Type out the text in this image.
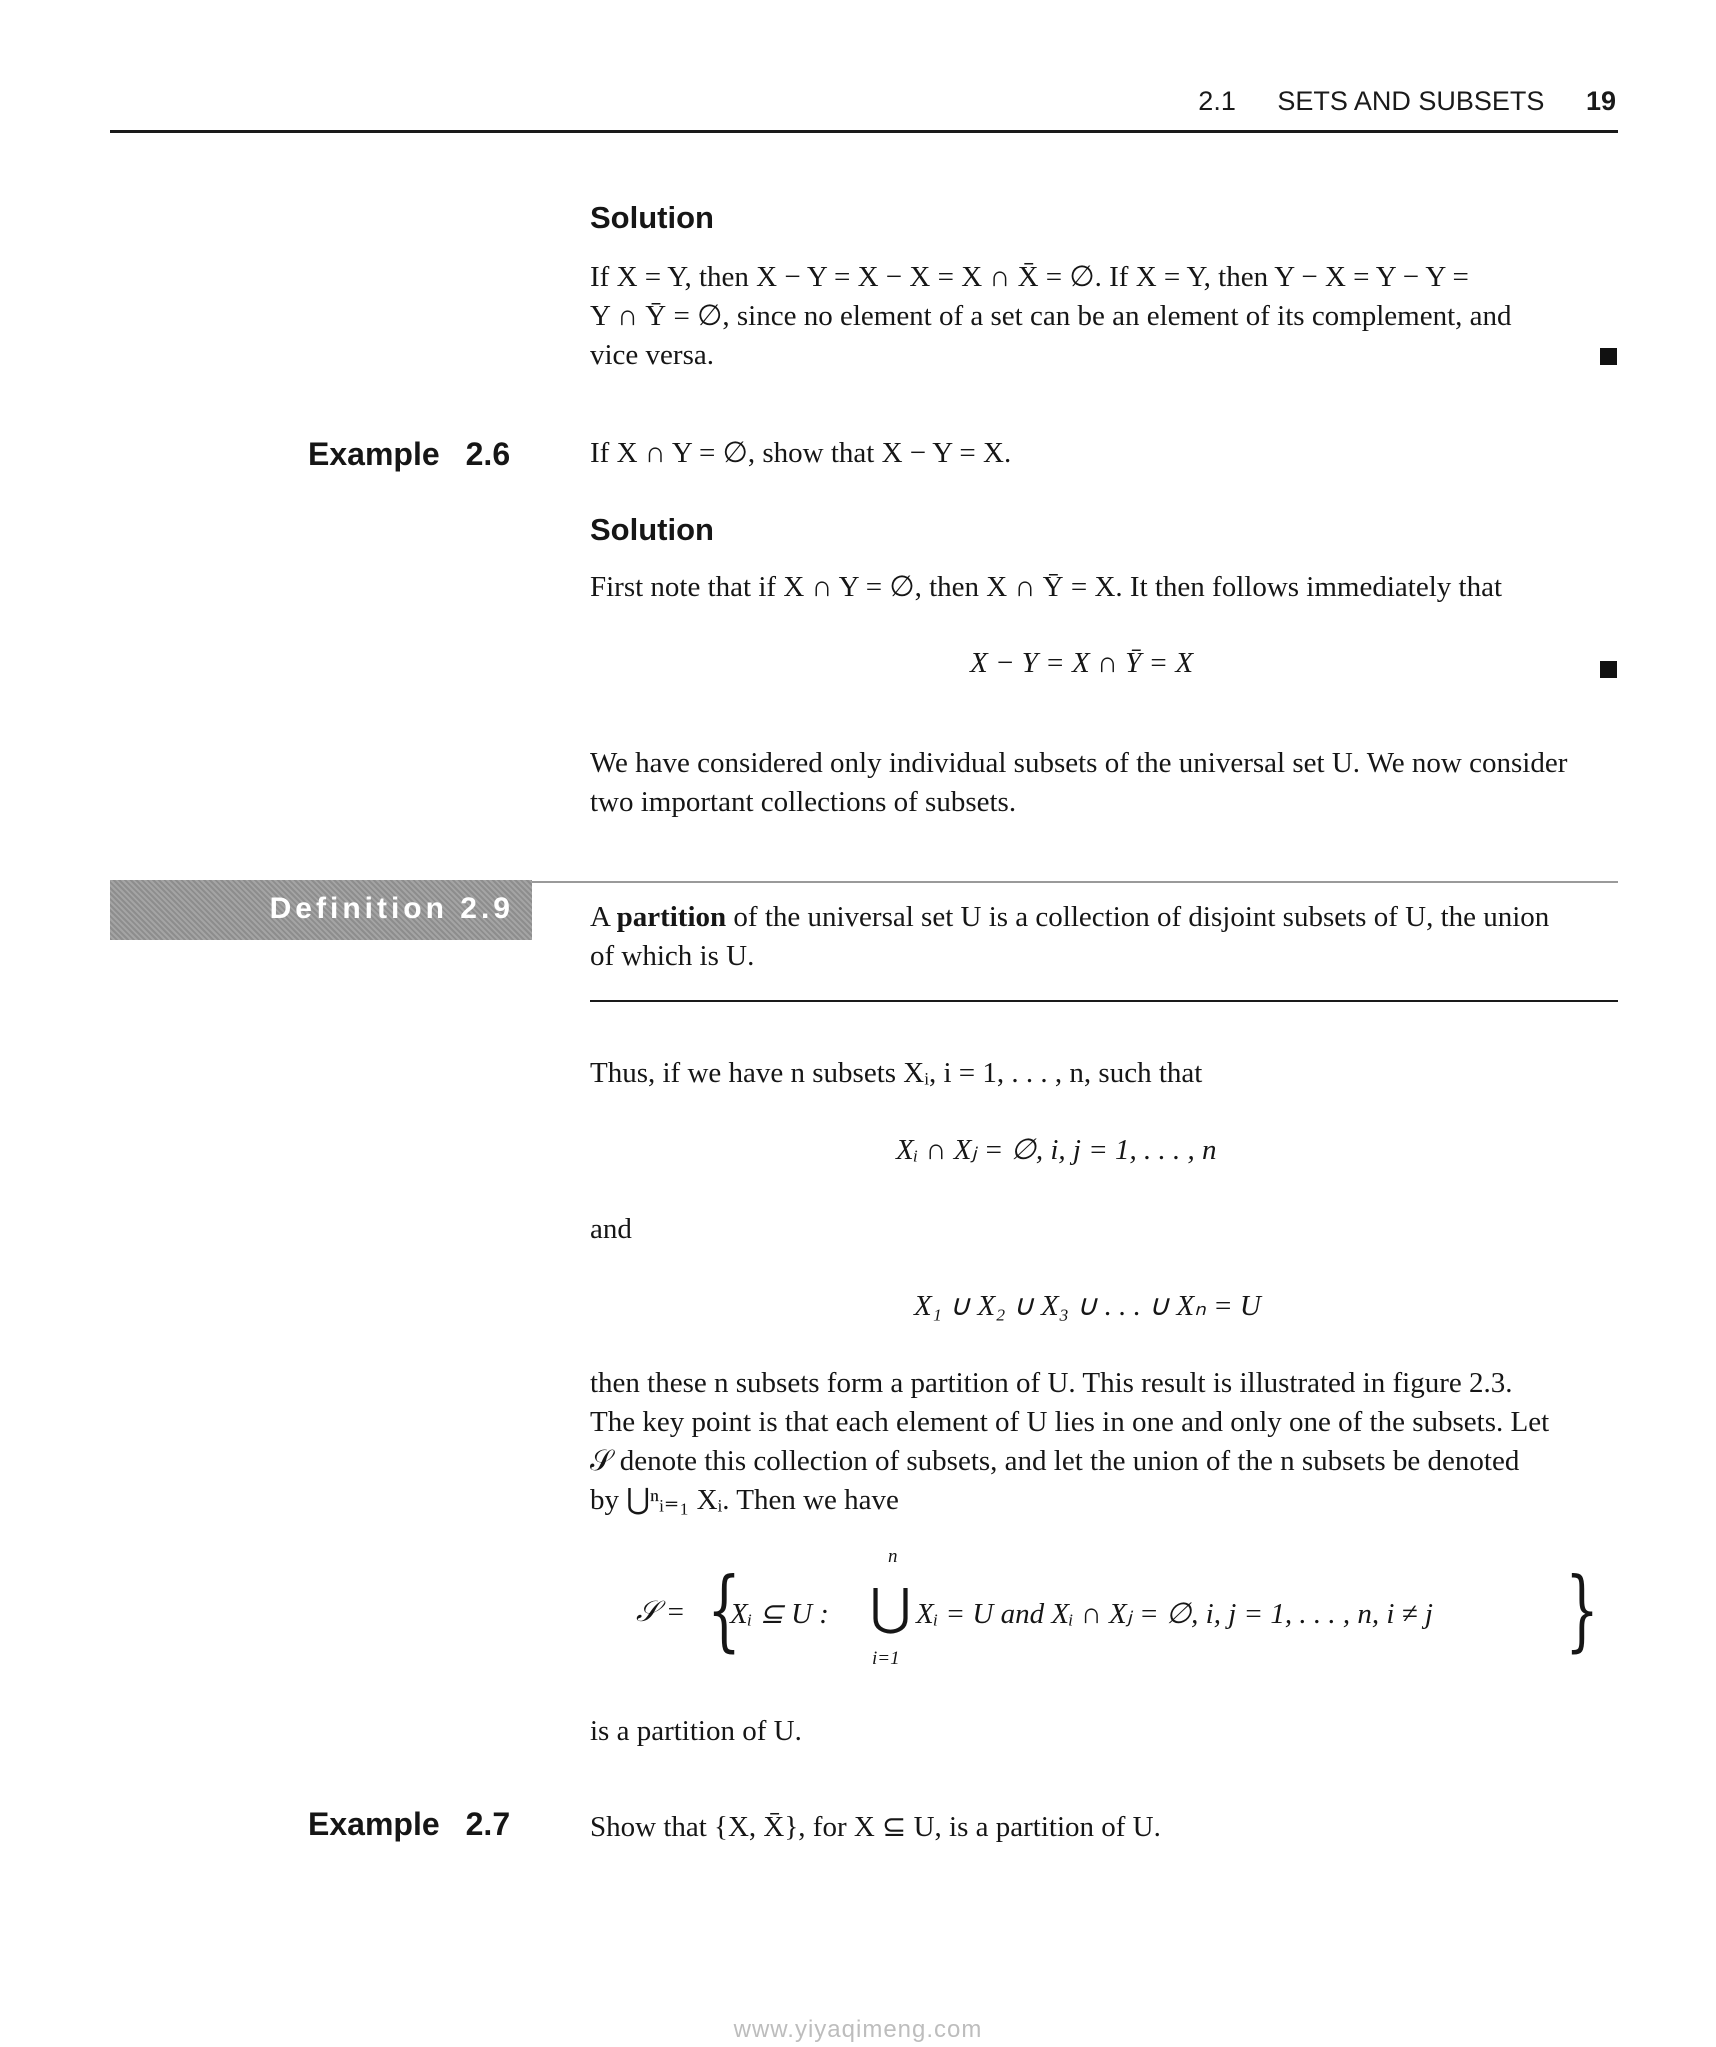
2.1 SETS AND SUBSETS 19
Solution
If X = Y, then X − Y = X − X = X ∩ X̄ = ∅. If X = Y, then Y − X = Y − Y =
Y ∩ Ȳ = ∅, since no element of a set can be an element of its complement, and
vice versa.
Example 2.6	If X ∩ Y = ∅, show that X − Y = X.
Solution
First note that if X ∩ Y = ∅, then X ∩ Ȳ = X. It then follows immediately that
X − Y = X ∩ Ȳ = X
We have considered only individual subsets of the universal set U. We now consider
two important collections of subsets.
Definition 2.9	A partition of the universal set U is a collection of disjoint subsets of U, the union
of which is U.
Thus, if we have n subsets Xᵢ, i = 1, . . . , n, such that
Xᵢ ∩ Xⱼ = ∅, i, j = 1, . . . , n
and
X₁ ∪ X₂ ∪ X₃ ∪ . . . ∪ Xₙ = U
then these n subsets form a partition of U. This result is illustrated in figure 2.3.
The key point is that each element of U lies in one and only one of the subsets. Let
𝒮 denote this collection of subsets, and let the union of the n subsets be denoted
by ⋃ⁿᵢ₌₁ Xᵢ. Then we have
𝒮 = {
Xᵢ ⊆ U :
n
⋃
i=1
Xᵢ = U and Xᵢ ∩ Xⱼ = ∅, i, j = 1, . . . , n, i ≠ j }
is a partition of U.
Example 2.7	Show that {X, X̄}, for X ⊆ U, is a partition of U.
www.yiyaqimeng.com
